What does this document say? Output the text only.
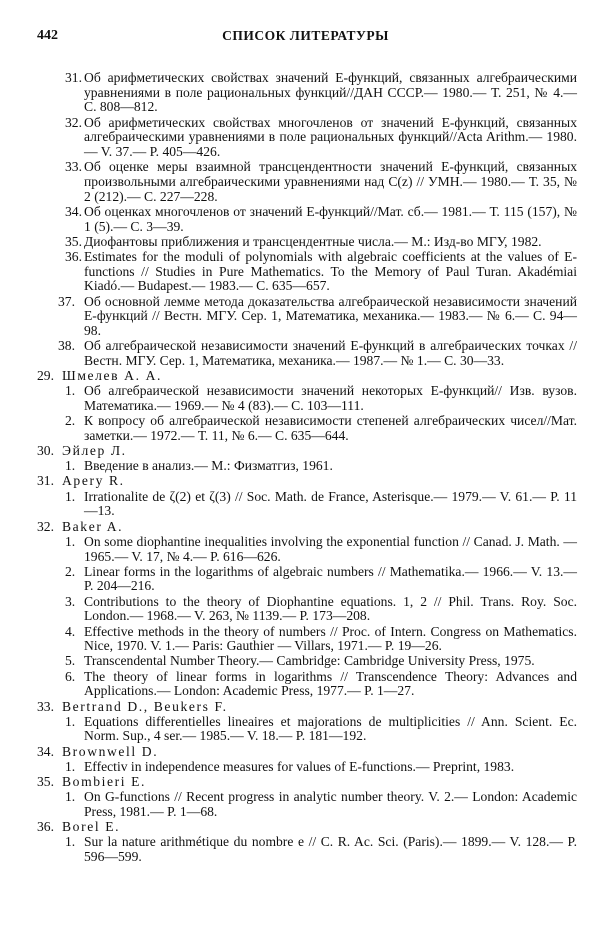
442	СПИСОК ЛИТЕРАТУРЫ
31. Об арифметических свойствах значений E-функций, связанных алгебраическими уравнениями в поле рациональных функций//ДАН СССР.— 1980.— Т. 251, № 4.— С. 808—812.
32. Об арифметических свойствах многочленов от значений E-функций, связанных алгебраическими уравнениями в поле рациональных функций//Acta Arithm.— 1980.— V. 37.— P. 405—426.
33. Об оценке меры взаимной трансцендентности значений E-функций, связанных произвольными алгебраическими уравнениями над C(z) // УМН.— 1980.— Т. 35, № 2 (212).— С. 227—228.
34. Об оценках многочленов от значений E-функций//Мат. сб.— 1981.— Т. 115 (157), № 1 (5).— С. 3—39.
35. Диофантовы приближения и трансцендентные числа.— М.: Изд-во МГУ, 1982.
36. Estimates for the moduli of polynomials with algebraic coefficients at the values of E-functions // Studies in Pure Mathematics. To the Memory of Paul Turan. Akadémiai Kiadó.— Budapest.— 1983.— C. 635—657.
37. Об основной лемме метода доказательства алгебраической независимости значений E-функций // Вестн. МГУ. Сер. 1, Математика, механика.— 1983.— № 6.— С. 94—98.
38. Об алгебраической независимости значений E-функций в алгебраических точках // Вестн. МГУ. Сер. 1, Математика, механика.— 1987.— № 1.— С. 30—33.
29. Шмелев А. А.
1. Об алгебраической независимости значений некоторых E-функций// Изв. вузов. Математика.— 1969.— № 4 (83).— С. 103—111.
2. К вопросу об алгебраической независимости степеней алгебраических чисел//Мат. заметки.— 1972.— Т. 11, № 6.— С. 635—644.
30. Эйлер Л.
1. Введение в анализ.— М.: Физматгиз, 1961.
31. Apery R.
1. Irrationalite de ζ(2) et ζ(3) // Soc. Math. de France, Asterisque.— 1979.— V. 61.— P. 11—13.
32. Baker A.
1. On some diophantine inequalities involving the exponential function // Canad. J. Math. —1965.— V. 17, № 4.— P. 616—626.
2. Linear forms in the logarithms of algebraic numbers // Mathematika.— 1966.— V. 13.— P. 204—216.
3. Contributions to the theory of Diophantine equations. 1, 2 // Phil. Trans. Roy. Soc. London.— 1968.— V. 263, № 1139.— P. 173—208.
4. Effective methods in the theory of numbers // Proc. of Intern. Congress on Mathematics. Nice, 1970. V. 1.— Paris: Gauthier — Villars, 1971.— P. 19—26.
5. Transcendental Number Theory.— Cambridge: Cambridge University Press, 1975.
6. The theory of linear forms in logarithms // Transcendence Theory: Advances and Applications.— London: Academic Press, 1977.— P. 1—27.
33. Bertrand D., Beukers F.
1. Equations differentielles lineaires et majorations de multiplicities // Ann. Scient. Ec. Norm. Sup., 4 ser.— 1985.— V. 18.— P. 181—192.
34. Brownwell D.
1. Effectiv in independence measures for values of E-functions.— Preprint, 1983.
35. Bombieri E.
1. On G-functions // Recent progress in analytic number theory. V. 2.— London: Academic Press, 1981.— P. 1—68.
36. Borel E.
1. Sur la nature arithmétique du nombre e // C. R. Ac. Sci. (Paris).— 1899.— V. 128.— P. 596—599.
